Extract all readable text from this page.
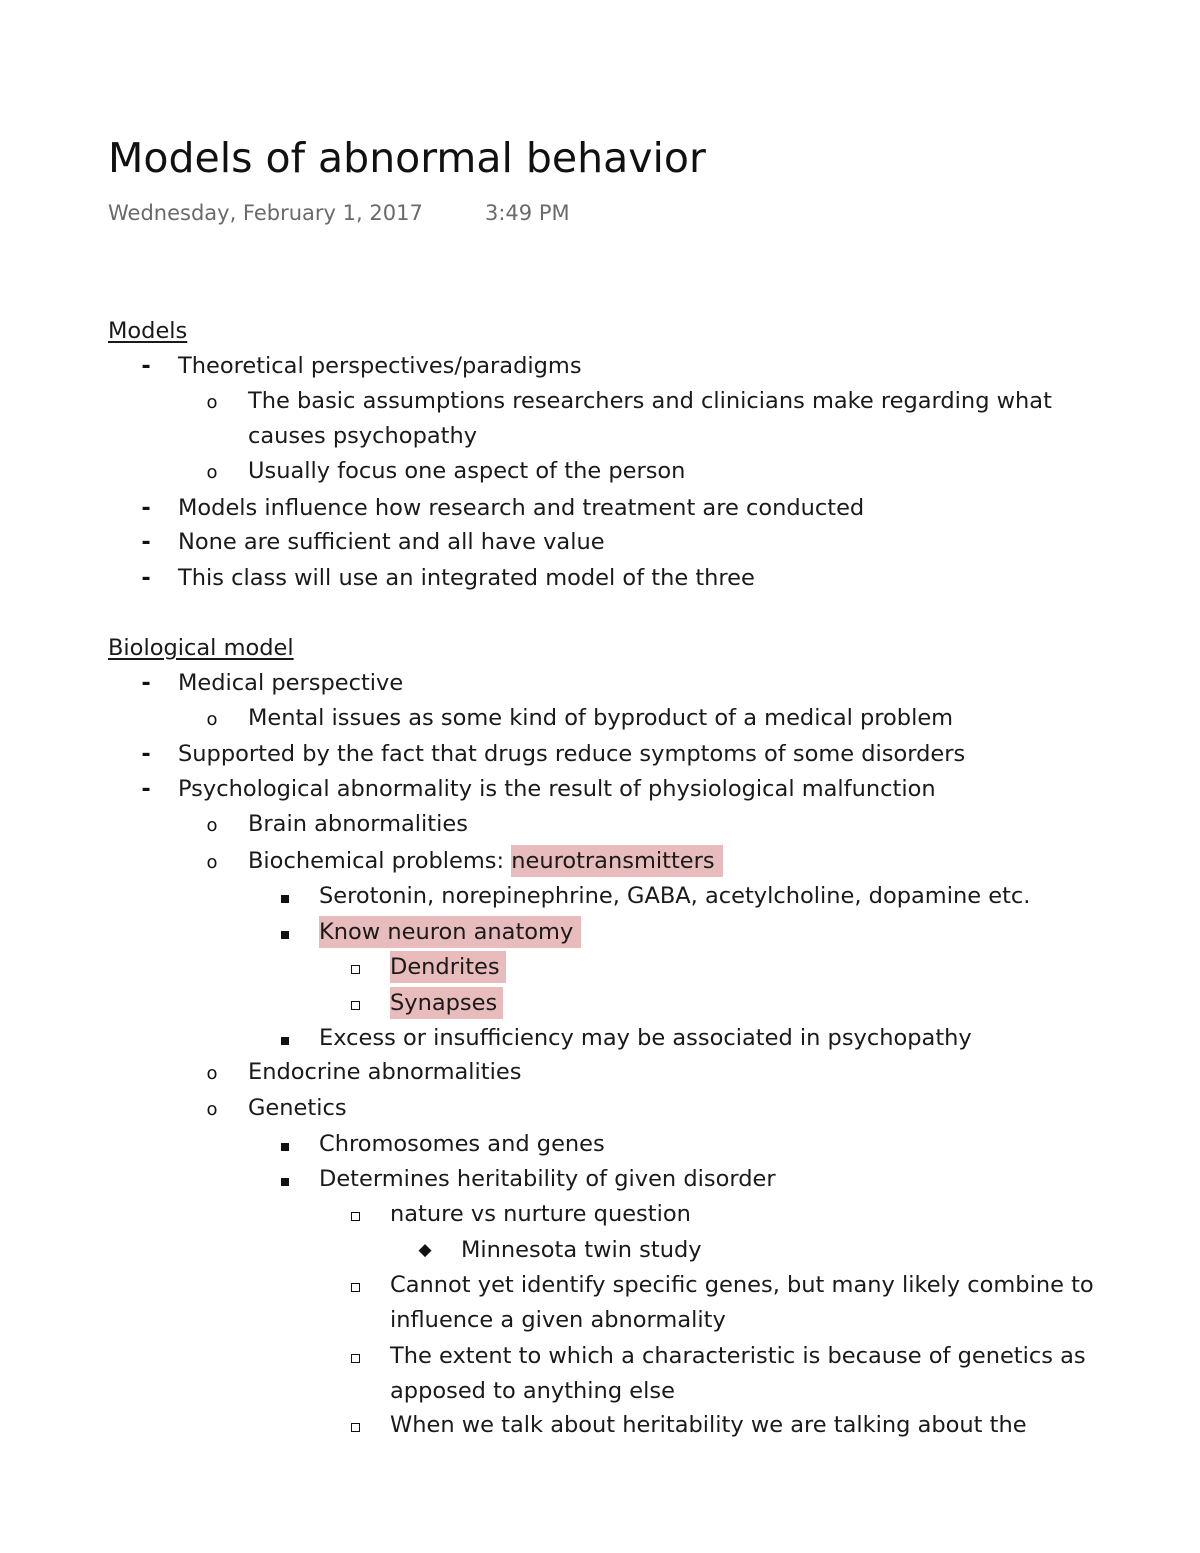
Models of abnormal behavior
Wednesday, February 1, 2017	3:49 PM
Models
-	Theoretical perspectives/paradigms
o	The basic assumptions researchers and clinicians make regarding what
causes psychopathy
o	Usually focus one aspect of the person
-	Models influence how research and treatment are conducted
-	None are sufficient and all have value
-	This class will use an integrated model of the three
Biological model
-	Medical perspective
o	Mental issues as some kind of byproduct of a medical problem
-	Supported by the fact that drugs reduce symptoms of some disorders
-	Psychological abnormality is the result of physiological malfunction
o	Brain abnormalities
o	Biochemical problems: neurotransmitters
Serotonin, norepinephrine, GABA, acetylcholine, dopamine etc.
Know neuron anatomy
Dendrites
Synapses
Excess or insufficiency may be associated in psychopathy
o	Endocrine abnormalities
o	Genetics
Chromosomes and genes
Determines heritability of given disorder
nature vs nurture question
◆	Minnesota twin study
Cannot yet identify specific genes, but many likely combine to
influence a given abnormality
The extent to which a characteristic is because of genetics as
apposed to anything else
When we talk about heritability we are talking about the
